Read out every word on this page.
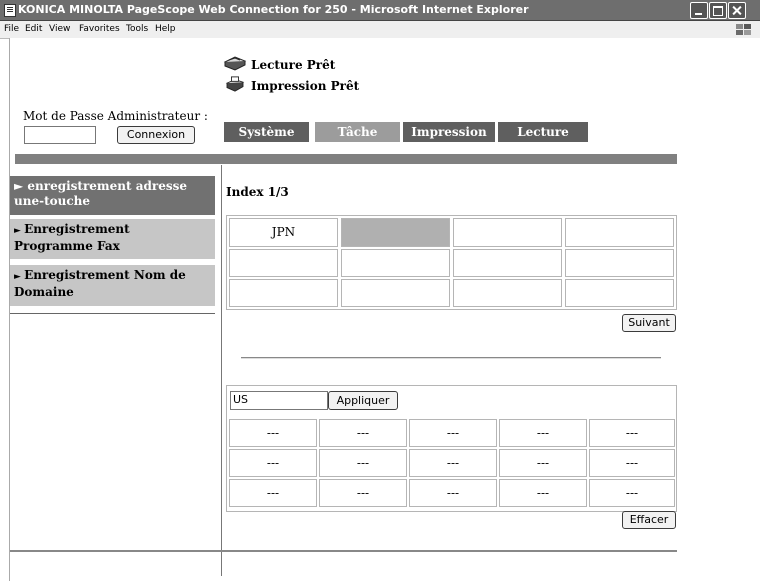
KONICA MINOLTA PageScope Web Connection for 250 - Microsoft Internet Explorer
File Edit View Favorites Tools Help
Lecture Prêt
Impression Prêt
Mot de Passe Administrateur :
Connexion	Système	Tâche	Impression	Lecture
► enregistrement adresse une-touche
► Enregistrement Programme Fax
► Enregistrement Nom de Domaine
Index 1/3
JPN
Suivant
US	Appliquer
---	---	---	---	---
---	---	---	---	---
---	---	---	---	---
Effacer
